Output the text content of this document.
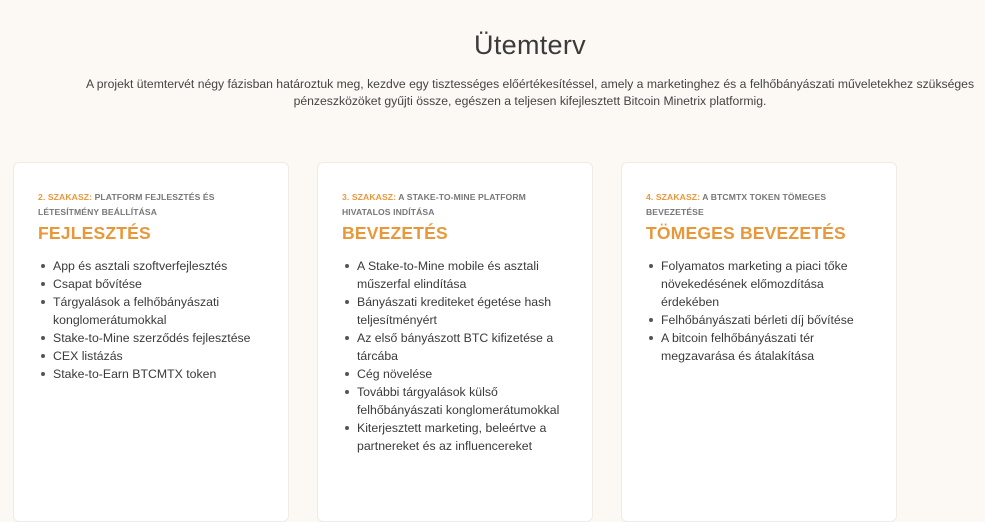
Ütemterv

A projekt ütemtervét négy fázisban határoztuk meg, kezdve egy tisztességes előértékesítéssel, amely a marketinghez és a felhőbányászati műveletekhez szükséges pénzeszközöket gyűjti össze, egészen a teljesen kifejlesztett Bitcoin Minetrix platformig.

2. SZAKASZ: PLATFORM FEJLESZTÉS ÉS LÉTESÍTMÉNY BEÁLLÍTÁSA
FEJLESZTÉS
App és asztali szoftverfejlesztés
Csapat bővítése
Tárgyalások a felhőbányászati konglomerátumokkal
Stake-to-Mine szerződés fejlesztése
CEX listázás
Stake-to-Earn BTCMTX token
3. SZAKASZ: A STAKE-TO-MINE PLATFORM HIVATALOS INDÍTÁSA
BEVEZETÉS
A Stake-to-Mine mobile és asztali műszerfal elindítása
Bányászati krediteket égetése hash teljesítményért
Az első bányászott BTC kifizetése a tárcába
Cég növelése
További tárgyalások külső felhőbányászati konglomerátumokkal
Kiterjesztett marketing, beleértve a partnereket és az influencereket
4. SZAKASZ: A BTCMTX TOKEN TÖMEGES BEVEZETÉSE
TÖMEGES BEVEZETÉS
Folyamatos marketing a piaci tőke növekedésének előmozdítása érdekében
Felhőbányászati bérleti díj bővítése
A bitcoin felhőbányászati tér megzavarása és átalakítása
